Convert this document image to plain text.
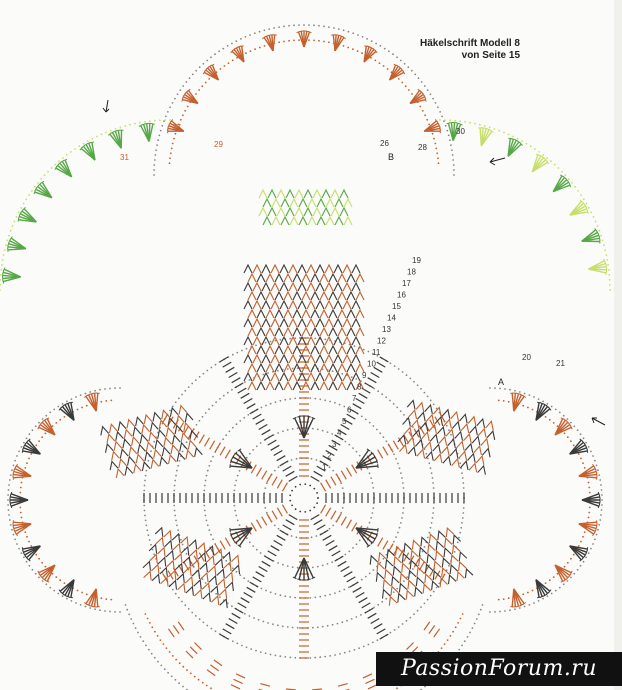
1
2
3
4
5
6
7
8
9
10
11
12
13
14
15
16
17
18
19
20
21
27
29
31
26	28
30
A
B
Häkelschrift Modell 8
von Seite 15
PassionForum.ru
